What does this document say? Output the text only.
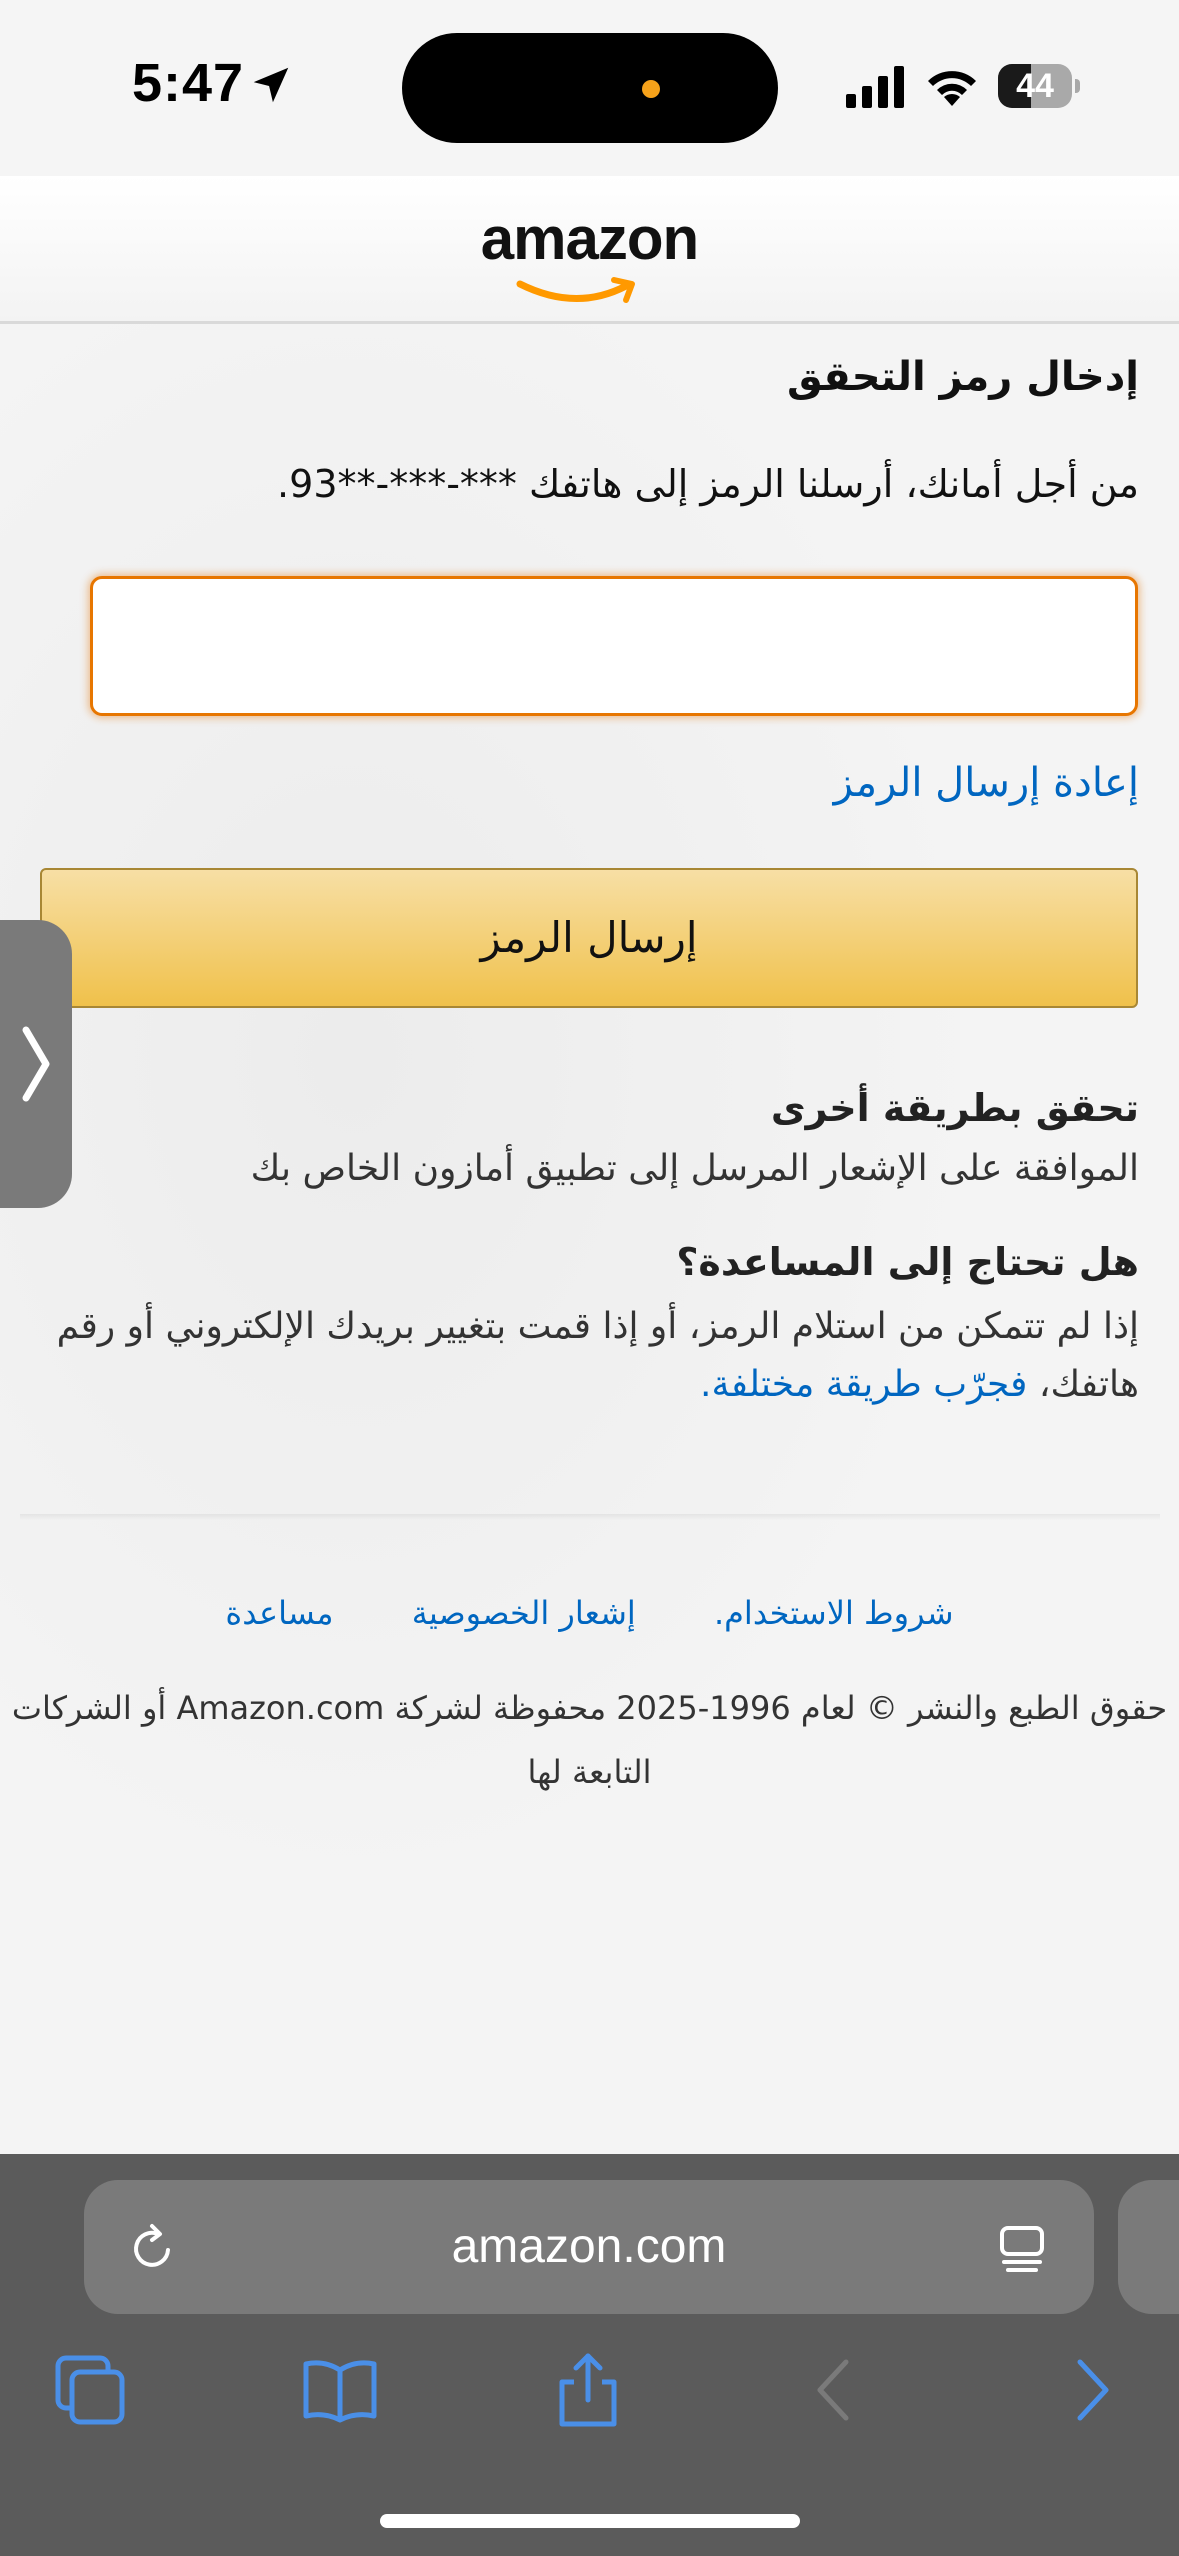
5:47	44
amazon
إدخال رمز التحقق
من أجل أمانك، أرسلنا الرمز إلى هاتفك ***-***-**93.
إعادة إرسال الرمز
إرسال الرمز
تحقق بطريقة أخرى
الموافقة على الإشعار المرسل إلى تطبيق أمازون الخاص بك
هل تحتاج إلى المساعدة؟
إذا لم تتمكن من استلام الرمز، أو إذا قمت بتغيير بريدك الإلكتروني أو رقم هاتفك، فجرّب طريقة مختلفة.
شروط الاستخدام. إشعار الخصوصية مساعدة
حقوق الطبع والنشر © لعام 1996-2025 محفوظة لشركة Amazon.com أو الشركات التابعة لها
amazon.com
